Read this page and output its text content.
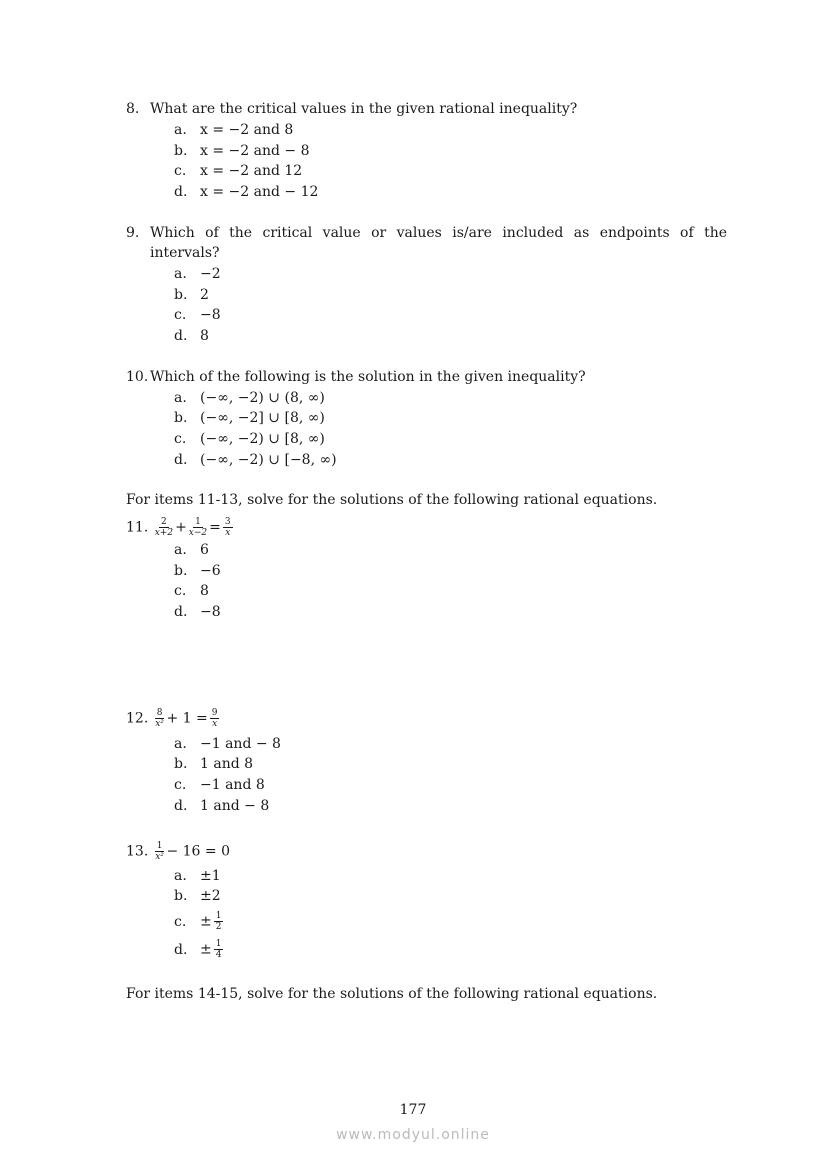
8. What are the critical values in the given rational inequality?
a. x = −2 and 8
b. x = −2 and − 8
c. x = −2 and 12
d. x = −2 and − 12
9. Which of the critical value or values is/are included as endpoints of the
intervals?
a. −2
b. 2
c. −8
d. 8
10. Which of the following is the solution in the given inequality?
a. (−∞, −2) ∪ (8, ∞)
b. (−∞, −2] ∪ [8, ∞)
c. (−∞, −2) ∪ [8, ∞)
d. (−∞, −2) ∪ [−8, ∞)
For items 11-13, solve for the solutions of the following rational equations.
11. $\frac{2}{x+2} + \frac{1}{x-2} = \frac{3}{x}$
a. 6
b. −6
c. 8
d. −8
12. $\frac{8}{\text{x²}} + 1 = \frac{9}{x}$
a. −1 and − 8
b. 1 and 8
c. −1 and 8
d. 1 and − 8
13. $\frac{1}{\text{x²}} - 16 = 0$
a. ±1
b. ±2
c. ± $\frac{1}{2}$
d. ± $\frac{1}{4}$
For items 14-15, solve for the solutions of the following rational equations.
177
www.modyul.online
